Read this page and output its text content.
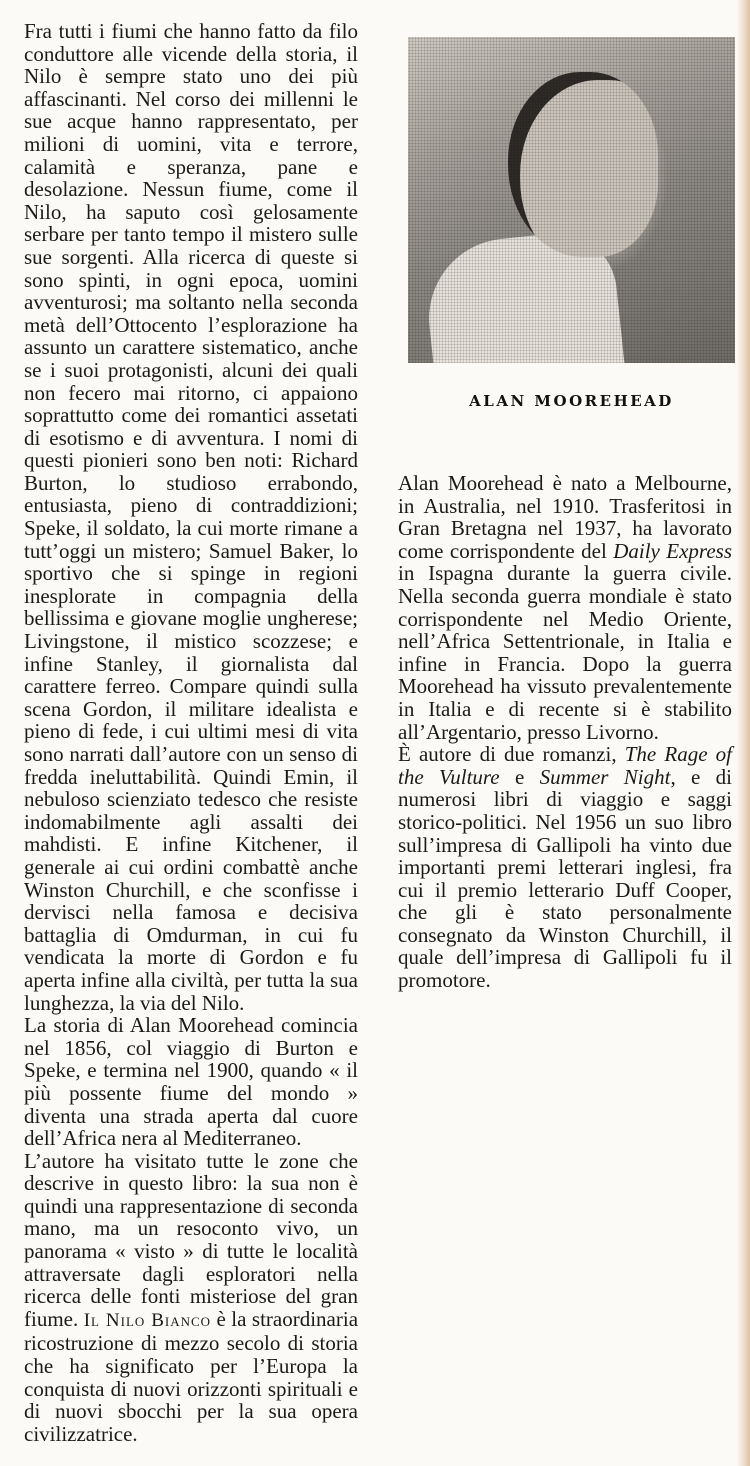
Fra tutti i fiumi che hanno fatto da filo conduttore alle vicende della storia, il Nilo è sempre stato uno dei più affascinanti. Nel corso dei millenni le sue acque hanno rappresentato, per milioni di uomini, vita e terrore, calamità e speranza, pane e desolazione. Nessun fiume, come il Nilo, ha saputo così gelosamente serbare per tanto tempo il mistero sulle sue sorgenti. Alla ricerca di queste si sono spinti, in ogni epoca, uomini avventurosi; ma soltanto nella seconda metà dell’Ottocento l’esplorazione ha assunto un carattere sistematico, anche se i suoi protagonisti, alcuni dei quali non fecero mai ritorno, ci appaiono soprattutto come dei romantici assetati di esotismo e di avventura. I nomi di questi pionieri sono ben noti: Richard Burton, lo studioso errabondo, entusiasta, pieno di contraddizioni; Speke, il soldato, la cui morte rimane a tutt’oggi un mistero; Samuel Baker, lo sportivo che si spinge in regioni inesplorate in compagnia della bellissima e giovane moglie ungherese; Livingstone, il mistico scozzese; e infine Stanley, il giornalista dal carattere ferreo. Compare quindi sulla scena Gordon, il militare idealista e pieno di fede, i cui ultimi mesi di vita sono narrati dall’autore con un senso di fredda ineluttabilità. Quindi Emin, il nebuloso scienziato tedesco che resiste indomabilmente agli assalti dei mahdisti. E infine Kitchener, il generale ai cui ordini combattè anche Winston Churchill, e che sconfisse i dervisci nella famosa e decisiva battaglia di Omdurman, in cui fu vendicata la morte di Gordon e fu aperta infine alla civiltà, per tutta la sua lunghezza, la via del Nilo.

La storia di Alan Moorehead comincia nel 1856, col viaggio di Burton e Speke, e termina nel 1900, quando « il più possente fiume del mondo » diventa una strada aperta dal cuore dell’Africa nera al Mediterraneo.

L’autore ha visitato tutte le zone che descrive in questo libro: la sua non è quindi una rappresentazione di seconda mano, ma un resoconto vivo, un panorama « visto » di tutte le località attraversate dagli esploratori nella ricerca delle fonti misteriose del gran fiume. Il Nilo Bianco è la straordinaria ricostruzione di mezzo secolo di storia che ha significato per l’Europa la conquista di nuovi orizzonti spirituali e di nuovi sbocchi per la sua opera civilizzatrice.

ALAN MOOREHEAD

Alan Moorehead è nato a Melbourne, in Australia, nel 1910. Trasferitosi in Gran Bretagna nel 1937, ha lavorato come corrispondente del Daily Express in Ispagna durante la guerra civile. Nella seconda guerra mondiale è stato corrispondente nel Medio Oriente, nell’Africa Settentrionale, in Italia e infine in Francia. Dopo la guerra Moorehead ha vissuto prevalentemente in Italia e di recente si è stabilito all’Argentario, presso Livorno.

È autore di due romanzi, The Rage of the Vulture e Summer Night, e di numerosi libri di viaggio e saggi storico-politici. Nel 1956 un suo libro sull’impresa di Gallipoli ha vinto due importanti premi letterari inglesi, fra cui il premio letterario Duff Cooper, che gli è stato personalmente consegnato da Winston Churchill, il quale dell’impresa di Gallipoli fu il promotore.
